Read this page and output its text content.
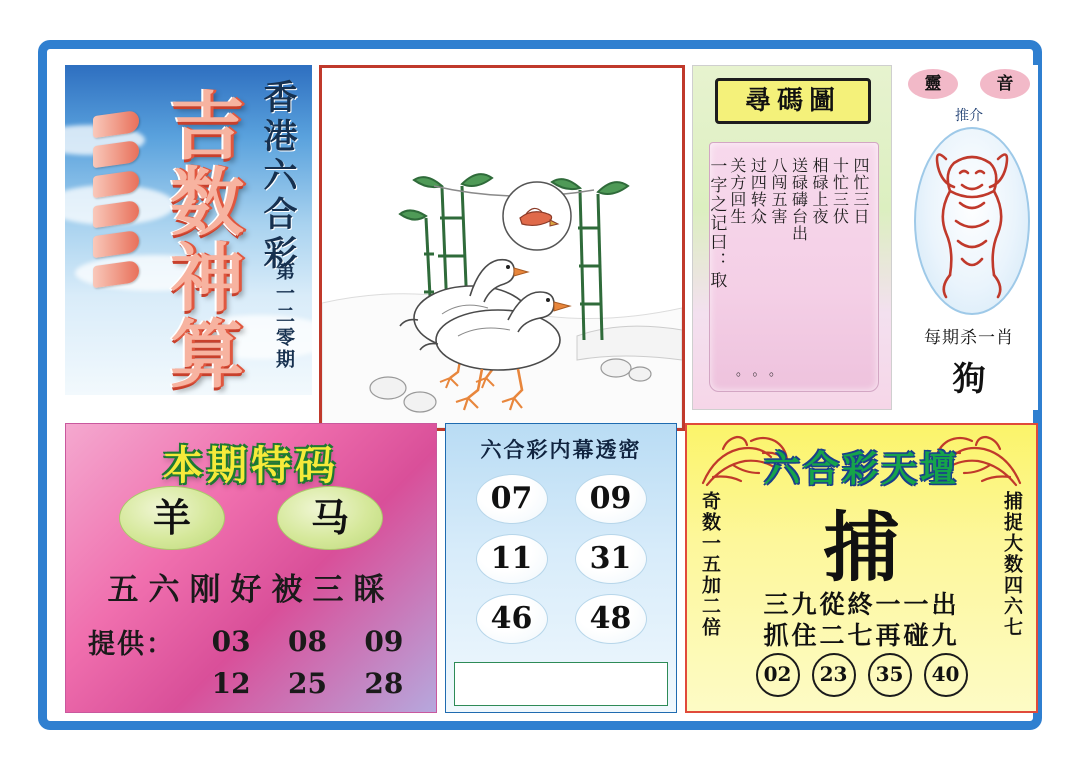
吉数神算 香港六合彩
第一二零期
尋碼圖
四忙三日
十忙三伏
相碌上夜
送碌碡台出
八闯五害
过四转众
关方回生
一字之记曰：取
。。。
靈	音
推介
每期杀一肖
狗
本期特码
羊	马
五六刚好被三睬
提供：	03	08	09
12	25	28
六合彩内幕透密
07	09
11	31
46	48
六合彩天壇
奇数一五加二倍	捕捉大数四六七
捕
三九從終一一出
抓住二七再碰九
02	23	35	40
